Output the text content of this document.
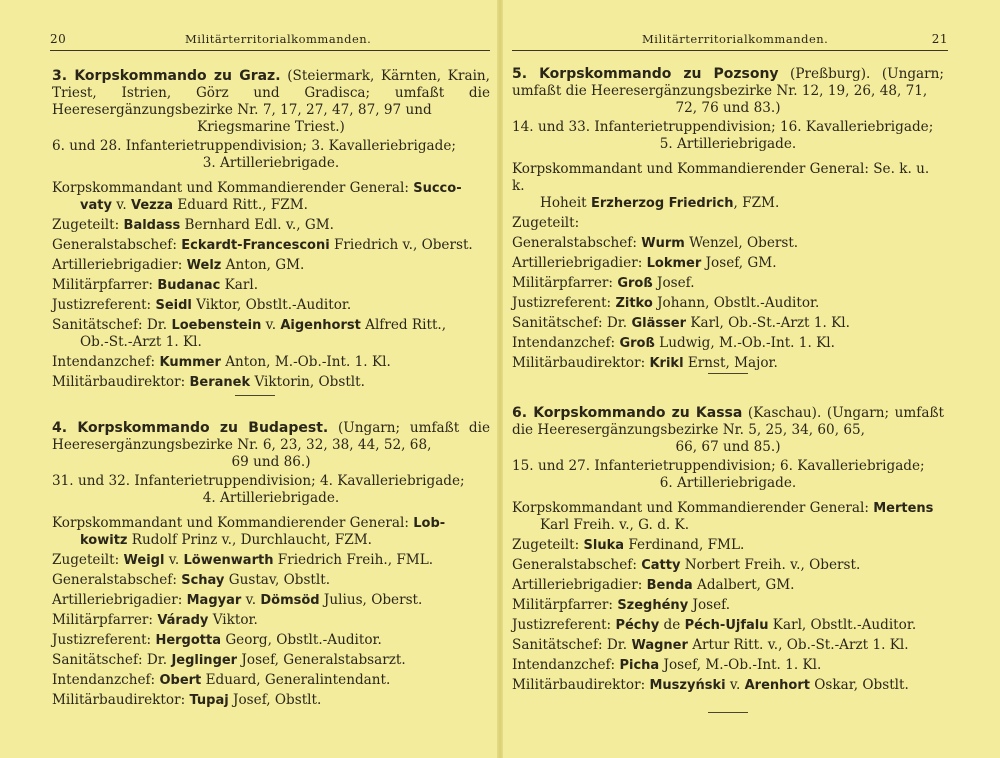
20	Militärterritorialkommanden.
3. Korpskommando zu Graz. (Steiermark, Kärnten, Krain, Triest, Istrien, Görz und Gradisca; umfaßt die Heeresergänzungsbezirke Nr. 7, 17, 27, 47, 87, 97 und
Kriegsmarine Triest.)
6. und 28. Infanterietruppendivision; 3. Kavalleriebrigade;
3. Artilleriebrigade.
Korpskommandant und Kommandierender General: Succo-
vaty v. Vezza Eduard Ritt., FZM.
Zugeteilt: Baldass Bernhard Edl. v., GM.
Generalstabschef: Eckardt-Francesconi Friedrich v., Oberst.
Artilleriebrigadier: Welz Anton, GM.
Militärpfarrer: Budanac Karl.
Justizreferent: Seidl Viktor, Obstlt.-Auditor.
Sanitätschef: Dr. Loebenstein v. Aigenhorst Alfred Ritt.,
Ob.-St.-Arzt 1. Kl.
Intendanzchef: Kummer Anton, M.-Ob.-Int. 1. Kl.
Militärbaudirektor: Beranek Viktorin, Obstlt.
4. Korpskommando zu Budapest. (Ungarn; umfaßt die Heeresergänzungsbezirke Nr. 6, 23, 32, 38, 44, 52, 68,
69 und 86.)
31. und 32. Infanterietruppendivision; 4. Kavalleriebrigade;
4. Artilleriebrigade.
Korpskommandant und Kommandierender General: Lob-
kowitz Rudolf Prinz v., Durchlaucht, FZM.
Zugeteilt: Weigl v. Löwenwarth Friedrich Freih., FML.
Generalstabschef: Schay Gustav, Obstlt.
Artilleriebrigadier: Magyar v. Dömsöd Julius, Oberst.
Militärpfarrer: Várady Viktor.
Justizreferent: Hergotta Georg, Obstlt.-Auditor.
Sanitätschef: Dr. Jeglinger Josef, Generalstabsarzt.
Intendanzchef: Obert Eduard, Generalintendant.
Militärbaudirektor: Tupaj Josef, Obstlt.
Militärterritorialkommanden.	21
5. Korpskommando zu Pozsony (Preßburg). (Ungarn; umfaßt die Heeresergänzungsbezirke Nr. 12, 19, 26, 48, 71,
72, 76 und 83.)
14. und 33. Infanterietruppendivision; 16. Kavalleriebrigade;
5. Artilleriebrigade.
Korpskommandant und Kommandierender General: Se. k. u. k.
Hoheit Erzherzog Friedrich, FZM.
Zugeteilt:
Generalstabschef: Wurm Wenzel, Oberst.
Artilleriebrigadier: Lokmer Josef, GM.
Militärpfarrer: Groß Josef.
Justizreferent: Zitko Johann, Obstlt.-Auditor.
Sanitätschef: Dr. Glässer Karl, Ob.-St.-Arzt 1. Kl.
Intendanzchef: Groß Ludwig, M.-Ob.-Int. 1. Kl.
Militärbaudirektor: Krikl Ernst, Major.
6. Korpskommando zu Kassa (Kaschau). (Ungarn; umfaßt die Heeresergänzungsbezirke Nr. 5, 25, 34, 60, 65,
66, 67 und 85.)
15. und 27. Infanterietruppendivision; 6. Kavalleriebrigade;
6. Artilleriebrigade.
Korpskommandant und Kommandierender General: Mertens
Karl Freih. v., G. d. K.
Zugeteilt: Sluka Ferdinand, FML.
Generalstabschef: Catty Norbert Freih. v., Oberst.
Artilleriebrigadier: Benda Adalbert, GM.
Militärpfarrer: Szeghény Josef.
Justizreferent: Péchy de Péch-Ujfalu Karl, Obstlt.-Auditor.
Sanitätschef: Dr. Wagner Artur Ritt. v., Ob.-St.-Arzt 1. Kl.
Intendanzchef: Picha Josef, M.-Ob.-Int. 1. Kl.
Militärbaudirektor: Muszyński v. Arenhort Oskar, Obstlt.
